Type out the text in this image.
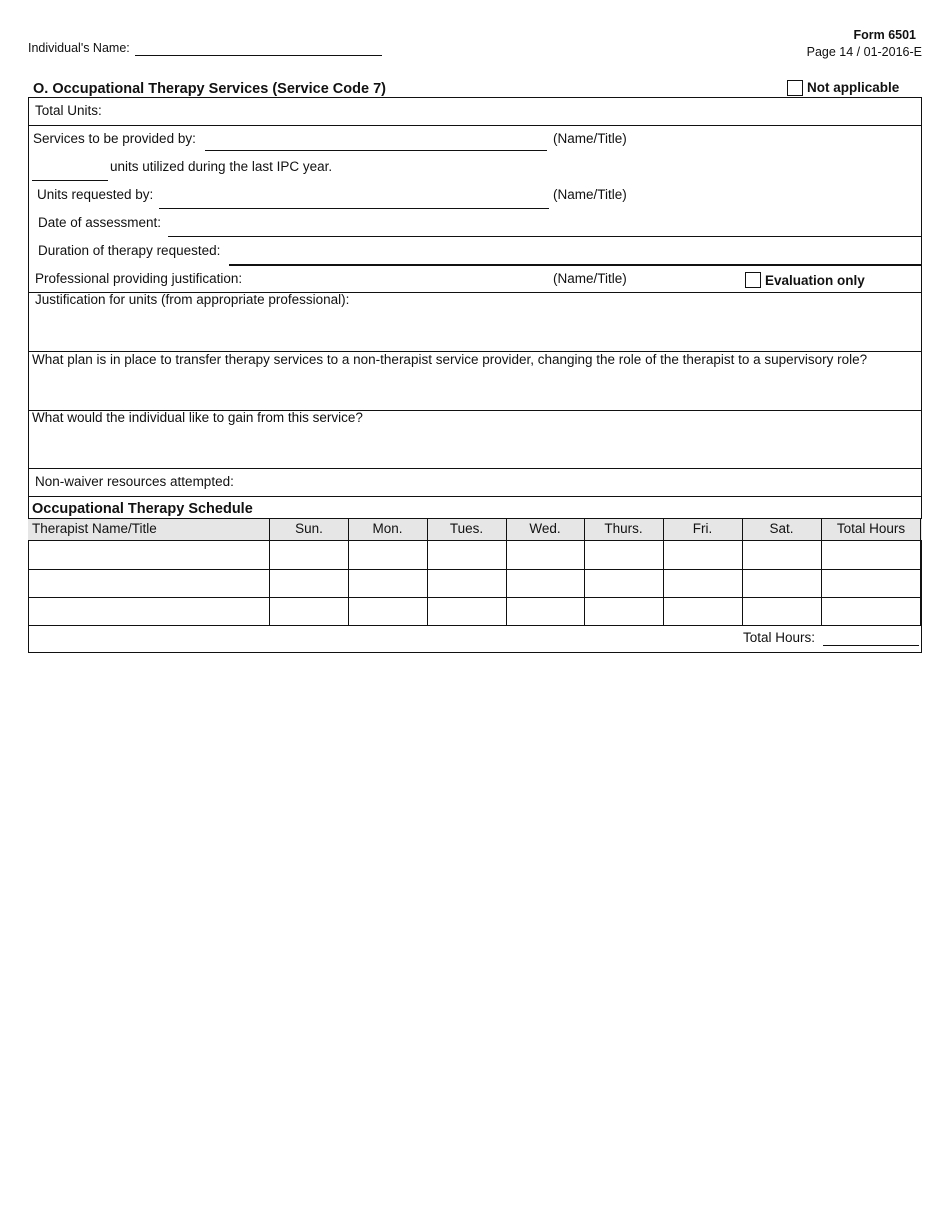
Individual's Name:
Form 6501
Page 14 / 01-2016-E
O. Occupational Therapy Services (Service Code 7)	Not applicable
Total Units:
Services to be provided by:	(Name/Title)
units utilized during the last IPC year.
Units requested by:	(Name/Title)
Date of assessment:
Duration of therapy requested:
Professional providing justification:	(Name/Title)	Evaluation only
Justification for units (from appropriate professional):
What plan is in place to transfer therapy services to a non-therapist service provider, changing the role of the therapist to a supervisory role?
What would the individual like to gain from this service?
Non-waiver resources attempted:
Occupational Therapy Schedule
Therapist Name/Title	Sun.	Mon.	Tues.	Wed.	Thurs.	Fri.	Sat.	Total Hours
Total Hours:
